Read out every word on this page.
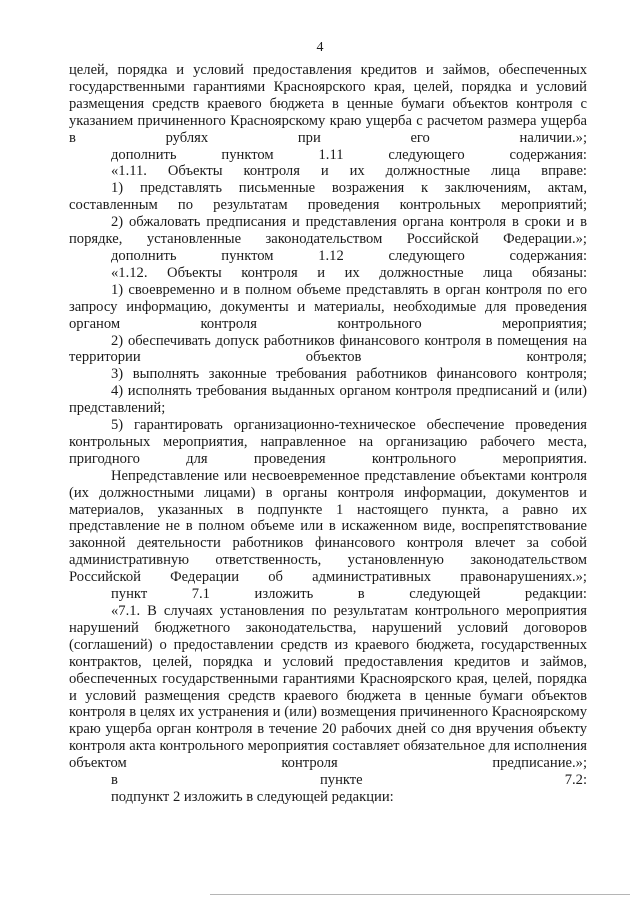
4

целей, порядка и условий предоставления кредитов и займов, обеспеченных государственными гарантиями Красноярского края, целей, порядка и условий размещения средств краевого бюджета в ценные бумаги объектов контроля с указанием причиненного Красноярскому краю ущерба с расчетом размера ущерба в рублях при его наличии.»;

дополнить пунктом 1.11 следующего содержания:

«1.11. Объекты контроля и их должностные лица вправе:

1) представлять письменные возражения к заключениям, актам, составленным по результатам проведения контрольных мероприятий;

2) обжаловать предписания и представления органа контроля в сроки и в порядке, установленные законодательством Российской Федерации.»;

дополнить пунктом 1.12 следующего содержания:

«1.12. Объекты контроля и их должностные лица обязаны:

1) своевременно и в полном объеме представлять в орган контроля по его запросу информацию, документы и материалы, необходимые для проведения органом контроля контрольного мероприятия;

2) обеспечивать допуск работников финансового контроля в помещения на территории объектов контроля;

3) выполнять законные требования работников финансового контроля;

4) исполнять требования выданных органом контроля предписаний и (или) представлений;

5) гарантировать организационно-техническое обеспечение проведения контрольных мероприятия, направленное на организацию рабочего места, пригодного для проведения контрольного мероприятия.

Непредставление или несвоевременное представление объектами контроля (их должностными лицами) в органы контроля информации, документов и материалов, указанных в подпункте 1 настоящего пункта, а равно их представление не в полном объеме или в искаженном виде, воспрепятствование законной деятельности работников финансового контроля влечет за собой административную ответственность, установленную законодательством Российской Федерации об административных правонарушениях.»;

пункт 7.1 изложить в следующей редакции:

«7.1. В случаях установления по результатам контрольного мероприятия нарушений бюджетного законодательства, нарушений условий договоров (соглашений) о предоставлении средств из краевого бюджета, государственных контрактов, целей, порядка и условий предоставления кредитов и займов, обеспеченных государственными гарантиями Красноярского края, целей, порядка и условий размещения средств краевого бюджета в ценные бумаги объектов контроля в целях их устранения и (или) возмещения причиненного Красноярскому краю ущерба орган контроля в течение 20 рабочих дней со дня вручения объекту контроля акта контрольного мероприятия составляет обязательное для исполнения объектом контроля предписание.»;

в пункте 7.2:

подпункт 2 изложить в следующей редакции:
